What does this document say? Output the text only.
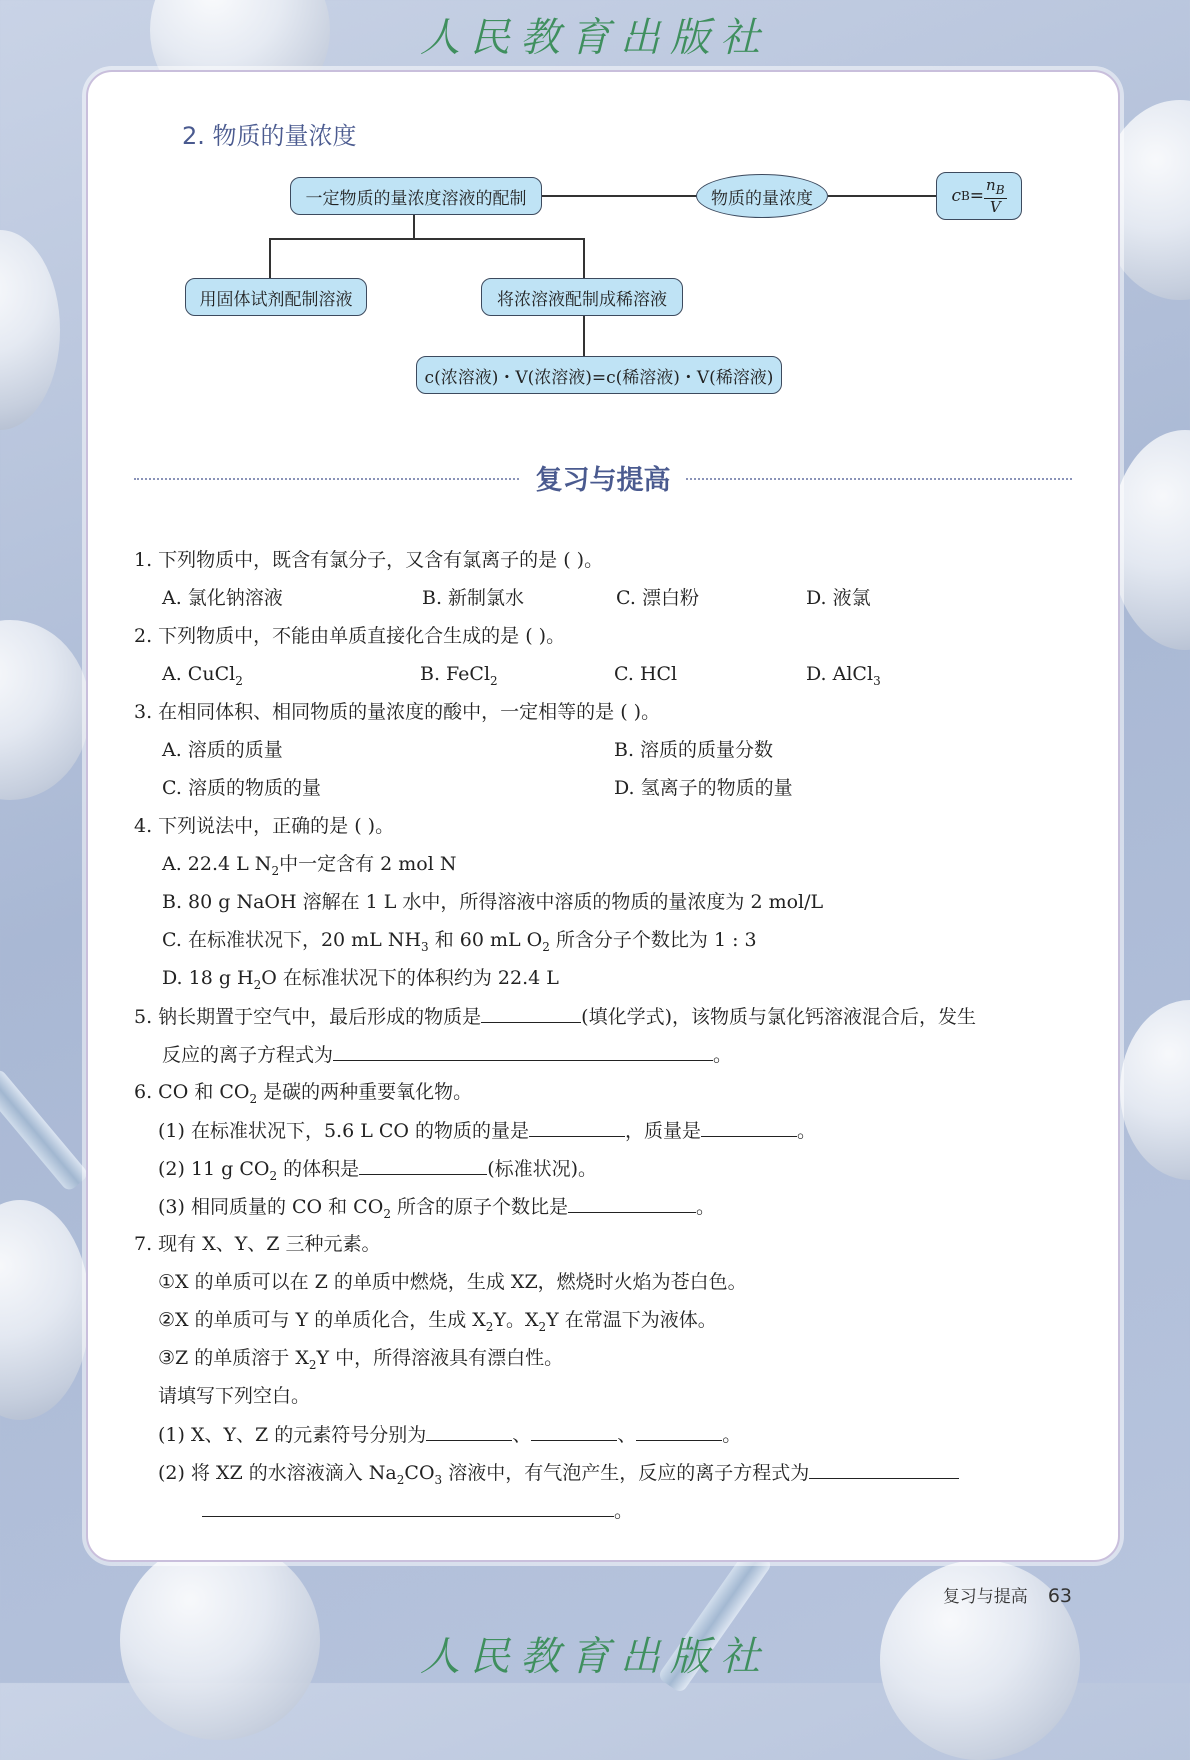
人民教育出版社
2. 物质的量浓度
一定物质的量浓度溶液的配制	物质的量浓度	c $B = \frac{n_B}{V}$
用固体试剂配制溶液	将浓溶液配制成稀溶液
c(浓溶液)・V(浓溶液)=c(稀溶液)・V(稀溶液)
复习与提高
1. 下列物质中，既含有氯分子，又含有氯离子的是 ( )。
A. 氯化钠溶液	B. 新制氯水	C. 漂白粉	D. 液氯
2. 下列物质中，不能由单质直接化合生成的是 ( )。
A. CuCl$_2$	B. FeCl$_2$	C. HCl	D. AlCl$_3$
3. 在相同体积、相同物质的量浓度的酸中，一定相等的是 ( )。
A. 溶质的质量	B. 溶质的质量分数
C. 溶质的物质的量	D. 氢离子的物质的量
4. 下列说法中，正确的是 ( )。
A. 22.4 L $N_2$中一定含有 2 mol N
B. 80 g NaOH 溶解在 1 L 水中，所得溶液中溶质的物质的量浓度为 2 mol/L
C. 在标准状况下，20 mL $NH_3$ 和 60 mL $O_2$ 所含分子个数比为 1 : 3
D. 18 g $H_2O$ 在标准状况下的体积约为 22.4 L
5. 钠长期置于空气中，最后形成的物质是	(填化学式)，该物质与氯化钙溶液混合后，发生
反应的离子方程式为	。
6. CO 和 $CO_2$ 是碳的两种重要氧化物。
(1) 在标准状况下，5.6 L CO 的物质的量是	，质量是	。
(2) 11 g $CO_2$ 的体积是	(标准状况)。
(3) 相同质量的 CO 和 $CO_2$ 所含的原子个数比是	。
7. 现有 X、Y、Z 三种元素。
①X 的单质可以在 Z 的单质中燃烧，生成 XZ，燃烧时火焰为苍白色。
②X 的单质可与 Y 的单质化合，生成 $X_2Y$。$X_2Y$ 在常温下为液体。
③Z 的单质溶于 $X_2Y$ 中，所得溶液具有漂白性。
请填写下列空白。
(1) X、Y、Z 的元素符号分别为	、	、	。
(2) 将 XZ 的水溶液滴入 $Na_2CO_3$ 溶液中，有气泡产生，反应的离子方程式为
。
复习与提高 63
人民教育出版社
